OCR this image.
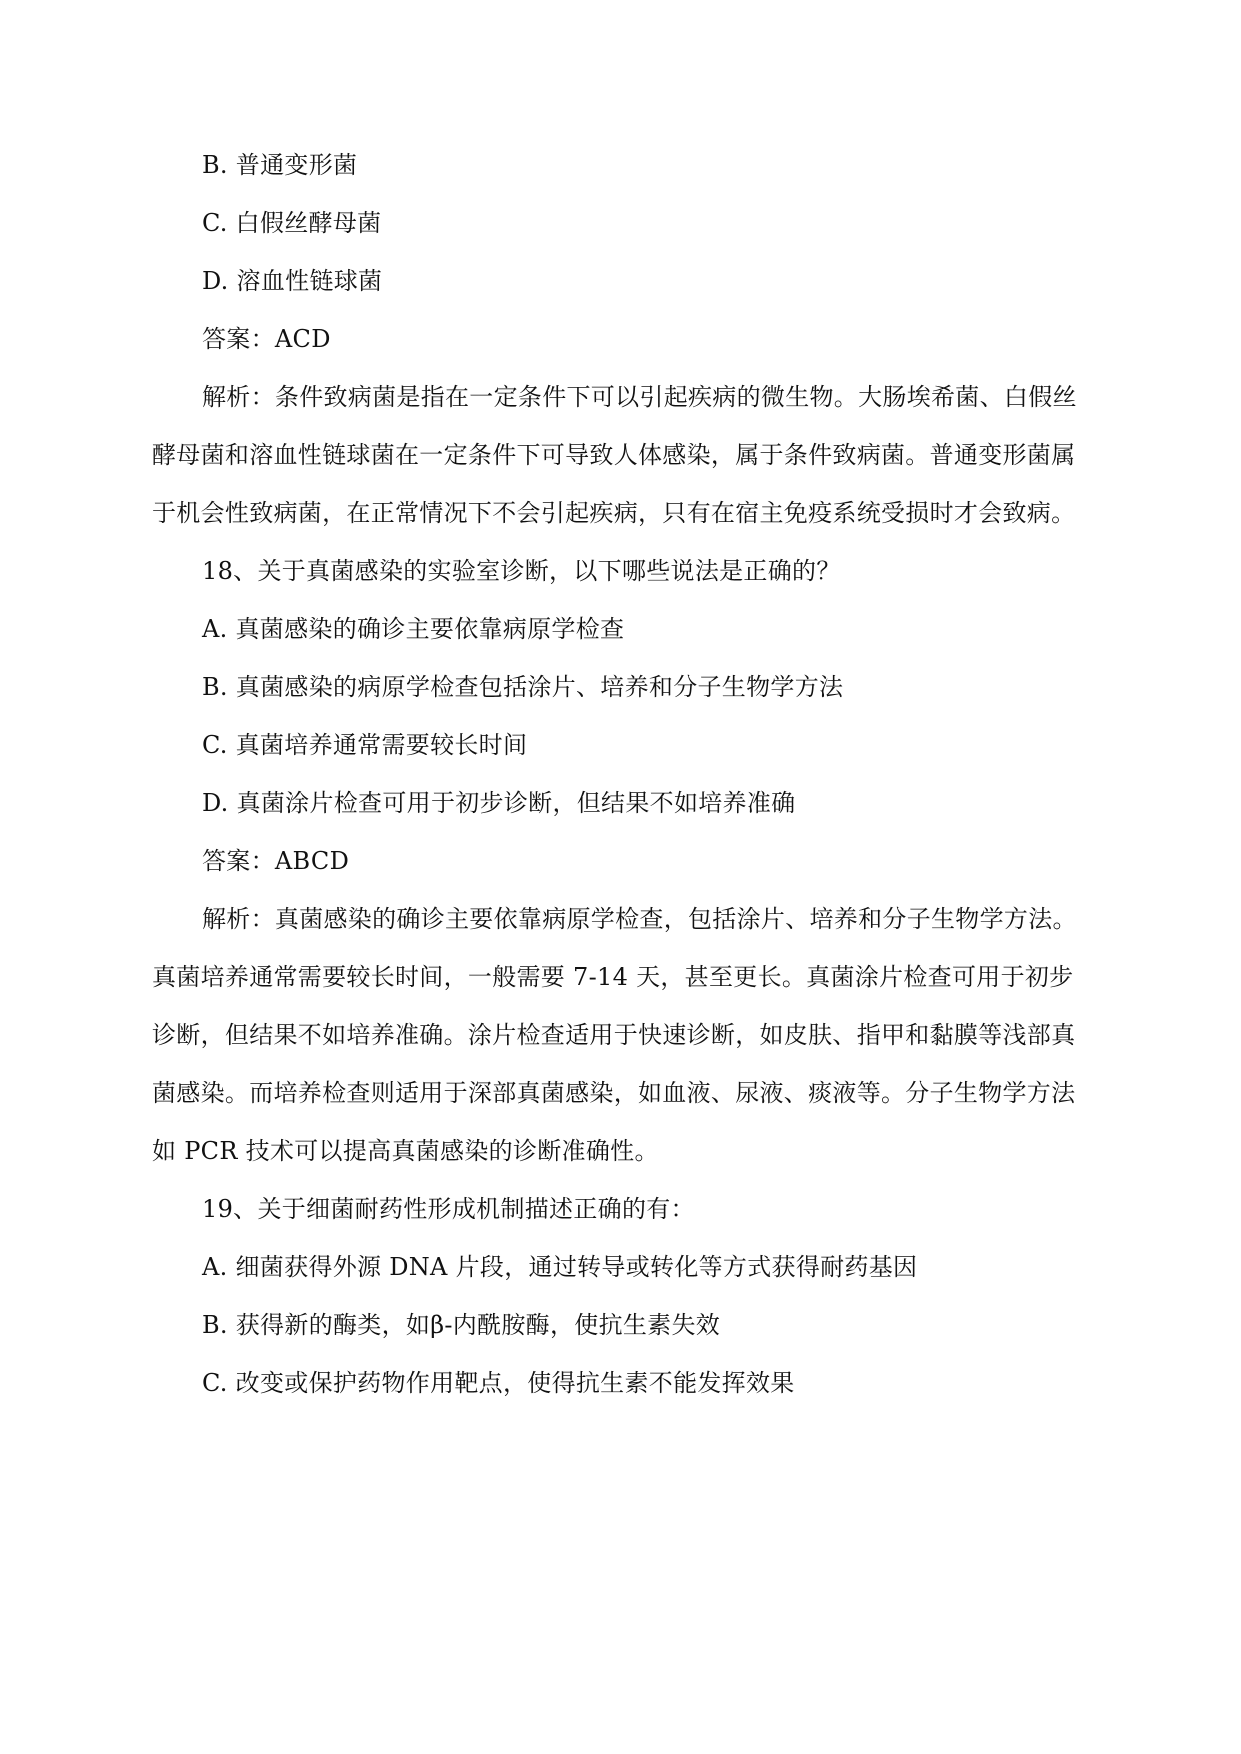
B. 普通变形菌
C. 白假丝酵母菌
D. 溶血性链球菌
答案：ACD
解析：条件致病菌是指在一定条件下可以引起疾病的微生物。大肠埃希菌、白假丝
酵母菌和溶血性链球菌在一定条件下可导致人体感染，属于条件致病菌。普通变形菌属
于机会性致病菌，在正常情况下不会引起疾病，只有在宿主免疫系统受损时才会致病。
18、关于真菌感染的实验室诊断，以下哪些说法是正确的？
A. 真菌感染的确诊主要依靠病原学检查
B. 真菌感染的病原学检查包括涂片、培养和分子生物学方法
C. 真菌培养通常需要较长时间
D. 真菌涂片检查可用于初步诊断，但结果不如培养准确
答案：ABCD
解析：真菌感染的确诊主要依靠病原学检查，包括涂片、培养和分子生物学方法。
真菌培养通常需要较长时间，一般需要 7-14 天，甚至更长。真菌涂片检查可用于初步
诊断，但结果不如培养准确。涂片检查适用于快速诊断，如皮肤、指甲和黏膜等浅部真
菌感染。而培养检查则适用于深部真菌感染，如血液、尿液、痰液等。分子生物学方法
如 PCR 技术可以提高真菌感染的诊断准确性。
19、关于细菌耐药性形成机制描述正确的有：
A. 细菌获得外源 DNA 片段，通过转导或转化等方式获得耐药基因
B. 获得新的酶类，如β-内酰胺酶，使抗生素失效
C. 改变或保护药物作用靶点，使得抗生素不能发挥效果
